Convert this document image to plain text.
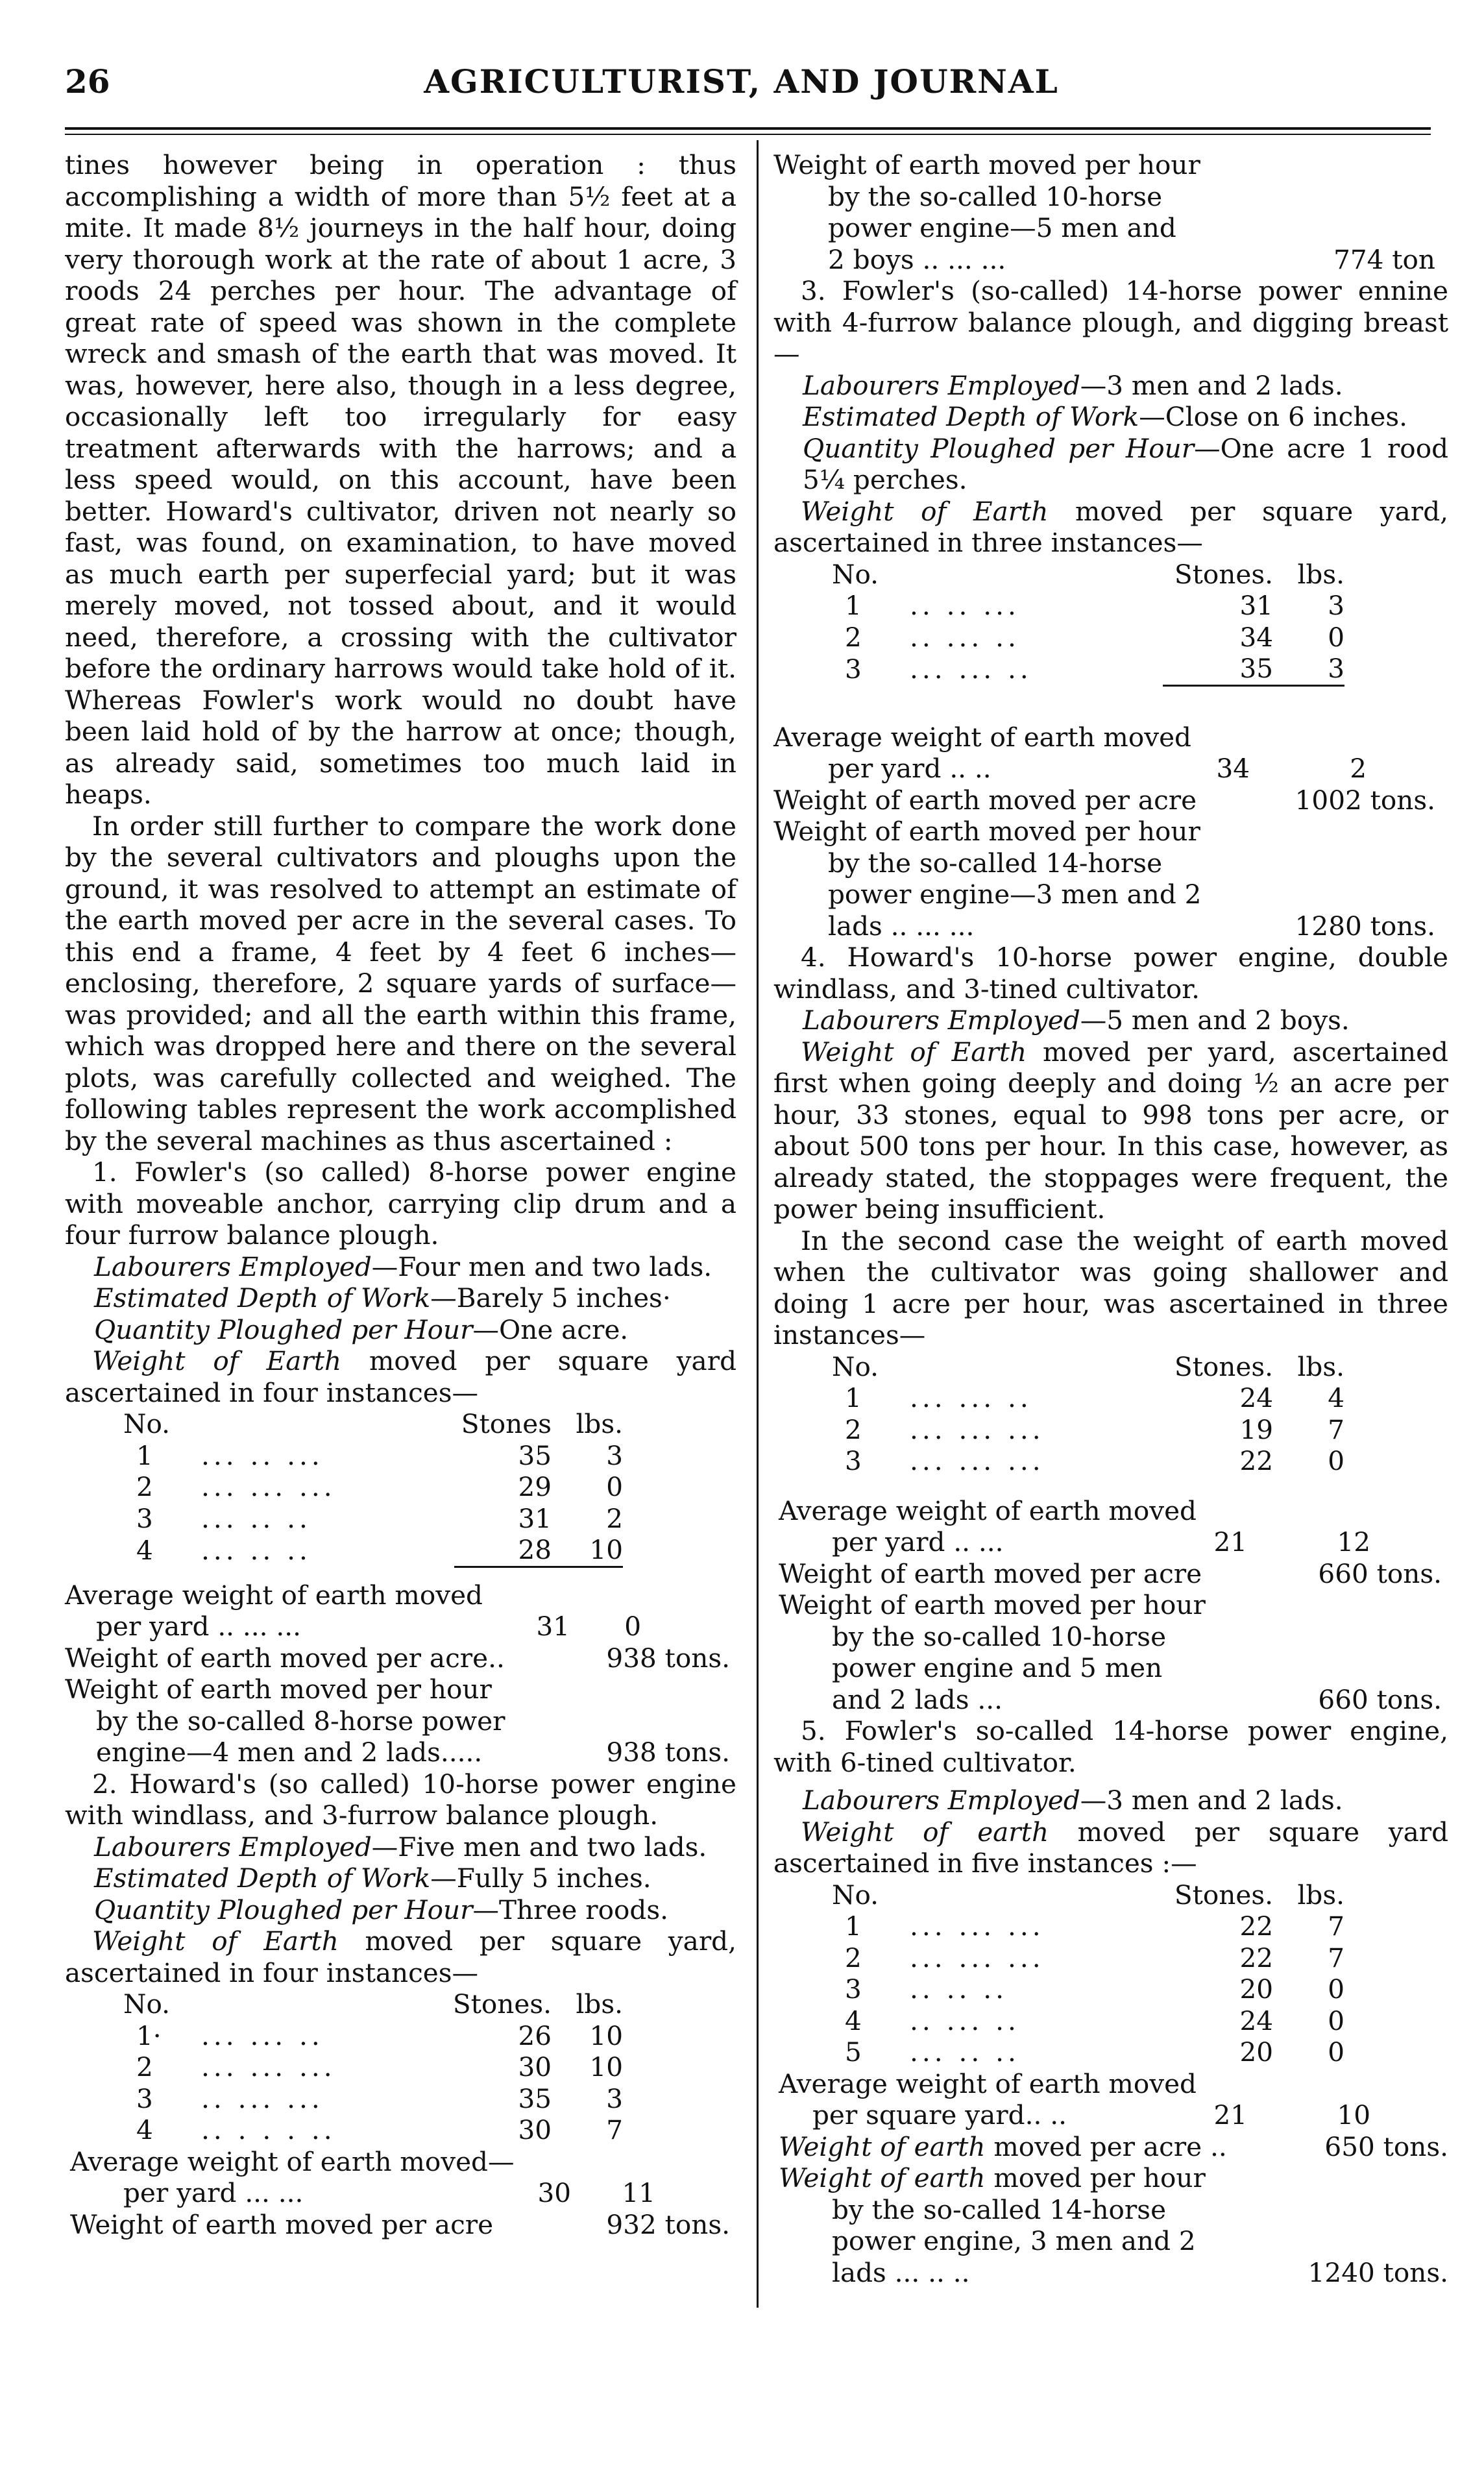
26	AGRICULTURIST, AND JOURNAL

tines however being in operation : thus accomplishing a width of more than 5½ feet at a mite. It made 8½ journeys in the half hour, doing very thorough work at the rate of about 1 acre, 3 roods 24 perches per hour. The advantage of great rate of speed was shown in the complete wreck and smash of the earth that was moved. It was, however, here also, though in a less degree, occasionally left too irregularly for easy treatment afterwards with the harrows; and a less speed would, on this account, have been better. Howard's cultivator, driven not nearly so fast, was found, on examination, to have moved as much earth per superfecial yard; but it was merely moved, not tossed about, and it would need, therefore, a crossing with the cultivator before the ordinary harrows would take hold of it. Whereas Fowler's work would no doubt have been laid hold of by the harrow at once; though, as already said, sometimes too much laid in heaps.

In order still further to compare the work done by the several cultivators and ploughs upon the ground, it was resolved to attempt an estimate of the earth moved per acre in the several cases. To this end a frame, 4 feet by 4 feet 6 inches—enclosing, therefore, 2 square yards of surface—was provided; and all the earth within this frame, which was dropped here and there on the several plots, was carefully collected and weighed. The following tables represent the work accomplished by the several machines as thus ascertained :

1. Fowler's (so called) 8-horse power engine with moveable anchor, carrying clip drum and a four furrow balance plough.

Labourers Employed—Four men and two lads.

Estimated Depth of Work—Barely 5 inches·

Quantity Ploughed per Hour—One acre.

Weight of Earth moved per square yard ascertained in four instances—

No.		Stones	lbs.
1	... .. ...	35	3
2	... ... ...	29	0
3	... .. ..	31	2
4	... .. ..	28	10

Average weight of earth moved
per yard .. ... ...	31	0	
Weight of earth moved per acre..	938 tons.

Weight of earth moved per hour

by the so-called 8-horse power

engine—4 men and 2 lads.....	938 tons.

2. Howard's (so called) 10-horse power engine with windlass, and 3-furrow balance plough.

Labourers Employed—Five men and two lads.

Estimated Depth of Work—Fully 5 inches.

Quantity Ploughed per Hour—Three roods.

Weight of Earth moved per square yard, ascertained in four instances—

No.		Stones.	lbs.
1·	... ... ..	26	10
2	... ... ...	30	10
3	.. ... ...	35	3
4	.. . . . ..	30	7
Average weight of earth moved—
per yard ... ...	30	11	
Weight of earth moved per acre	932 tons.

Weight of earth moved per hour

by the so-called 10-horse

power engine—5 men and

2 boys .. ... ...	774 ton

3. Fowler's (so-called) 14-horse power ennine with 4-furrow balance plough, and digging breast—

Labourers Employed—3 men and 2 lads.

Estimated Depth of Work—Close on 6 inches.

Quantity Ploughed per Hour—One acre 1 rood 5¼ perches.

Weight of Earth moved per square yard, ascertained in three instances—

No.		Stones.	lbs.
1	.. .. ...	31	3
2	.. ... ..	34	0
3	... ... ..	35	3

Average weight of earth moved
per yard .. ..	34	2	
Weight of earth moved per acre	1002 tons.

Weight of earth moved per hour

by the so-called 14-horse

power engine—3 men and 2

lads .. ... ...	1280 tons.

4. Howard's 10-horse power engine, double windlass, and 3-tined cultivator.

Labourers Employed—5 men and 2 boys.

Weight of Earth moved per yard, ascertained first when going deeply and doing ½ an acre per hour, 33 stones, equal to 998 tons per acre, or about 500 tons per hour. In this case, however, as already stated, the stoppages were frequent, the power being insufficient.

In the second case the weight of earth moved when the cultivator was going shallower and doing 1 acre per hour, was ascertained in three instances—

No.		Stones.	lbs.
1	... ... ..	24	4
2	... ... ...	19	7
3	... ... ...	22	0
Average weight of earth moved
per yard .. ...	21	12	
Weight of earth moved per acre	660 tons.

Weight of earth moved per hour

by the so-called 10-horse

power engine and 5 men

and 2 lads ...	660 tons.

5. Fowler's so-called 14-horse power engine, with 6-tined cultivator.

Labourers Employed—3 men and 2 lads.

Weight of earth moved per square yard ascertained in five instances :—

No.		Stones.	lbs.
1	... ... ...	22	7
2	... ... ...	22	7
3	.. .. ..	20	0
4	.. ... ..	24	0
5	... .. ..	20	0
Average weight of earth moved
per square yard.. ..	21	10	
Weight of earth moved per acre ..	650 tons.

Weight of earth moved per hour

by the so-called 14-horse

power engine, 3 men and 2

lads ... .. ..	1240 tons.
